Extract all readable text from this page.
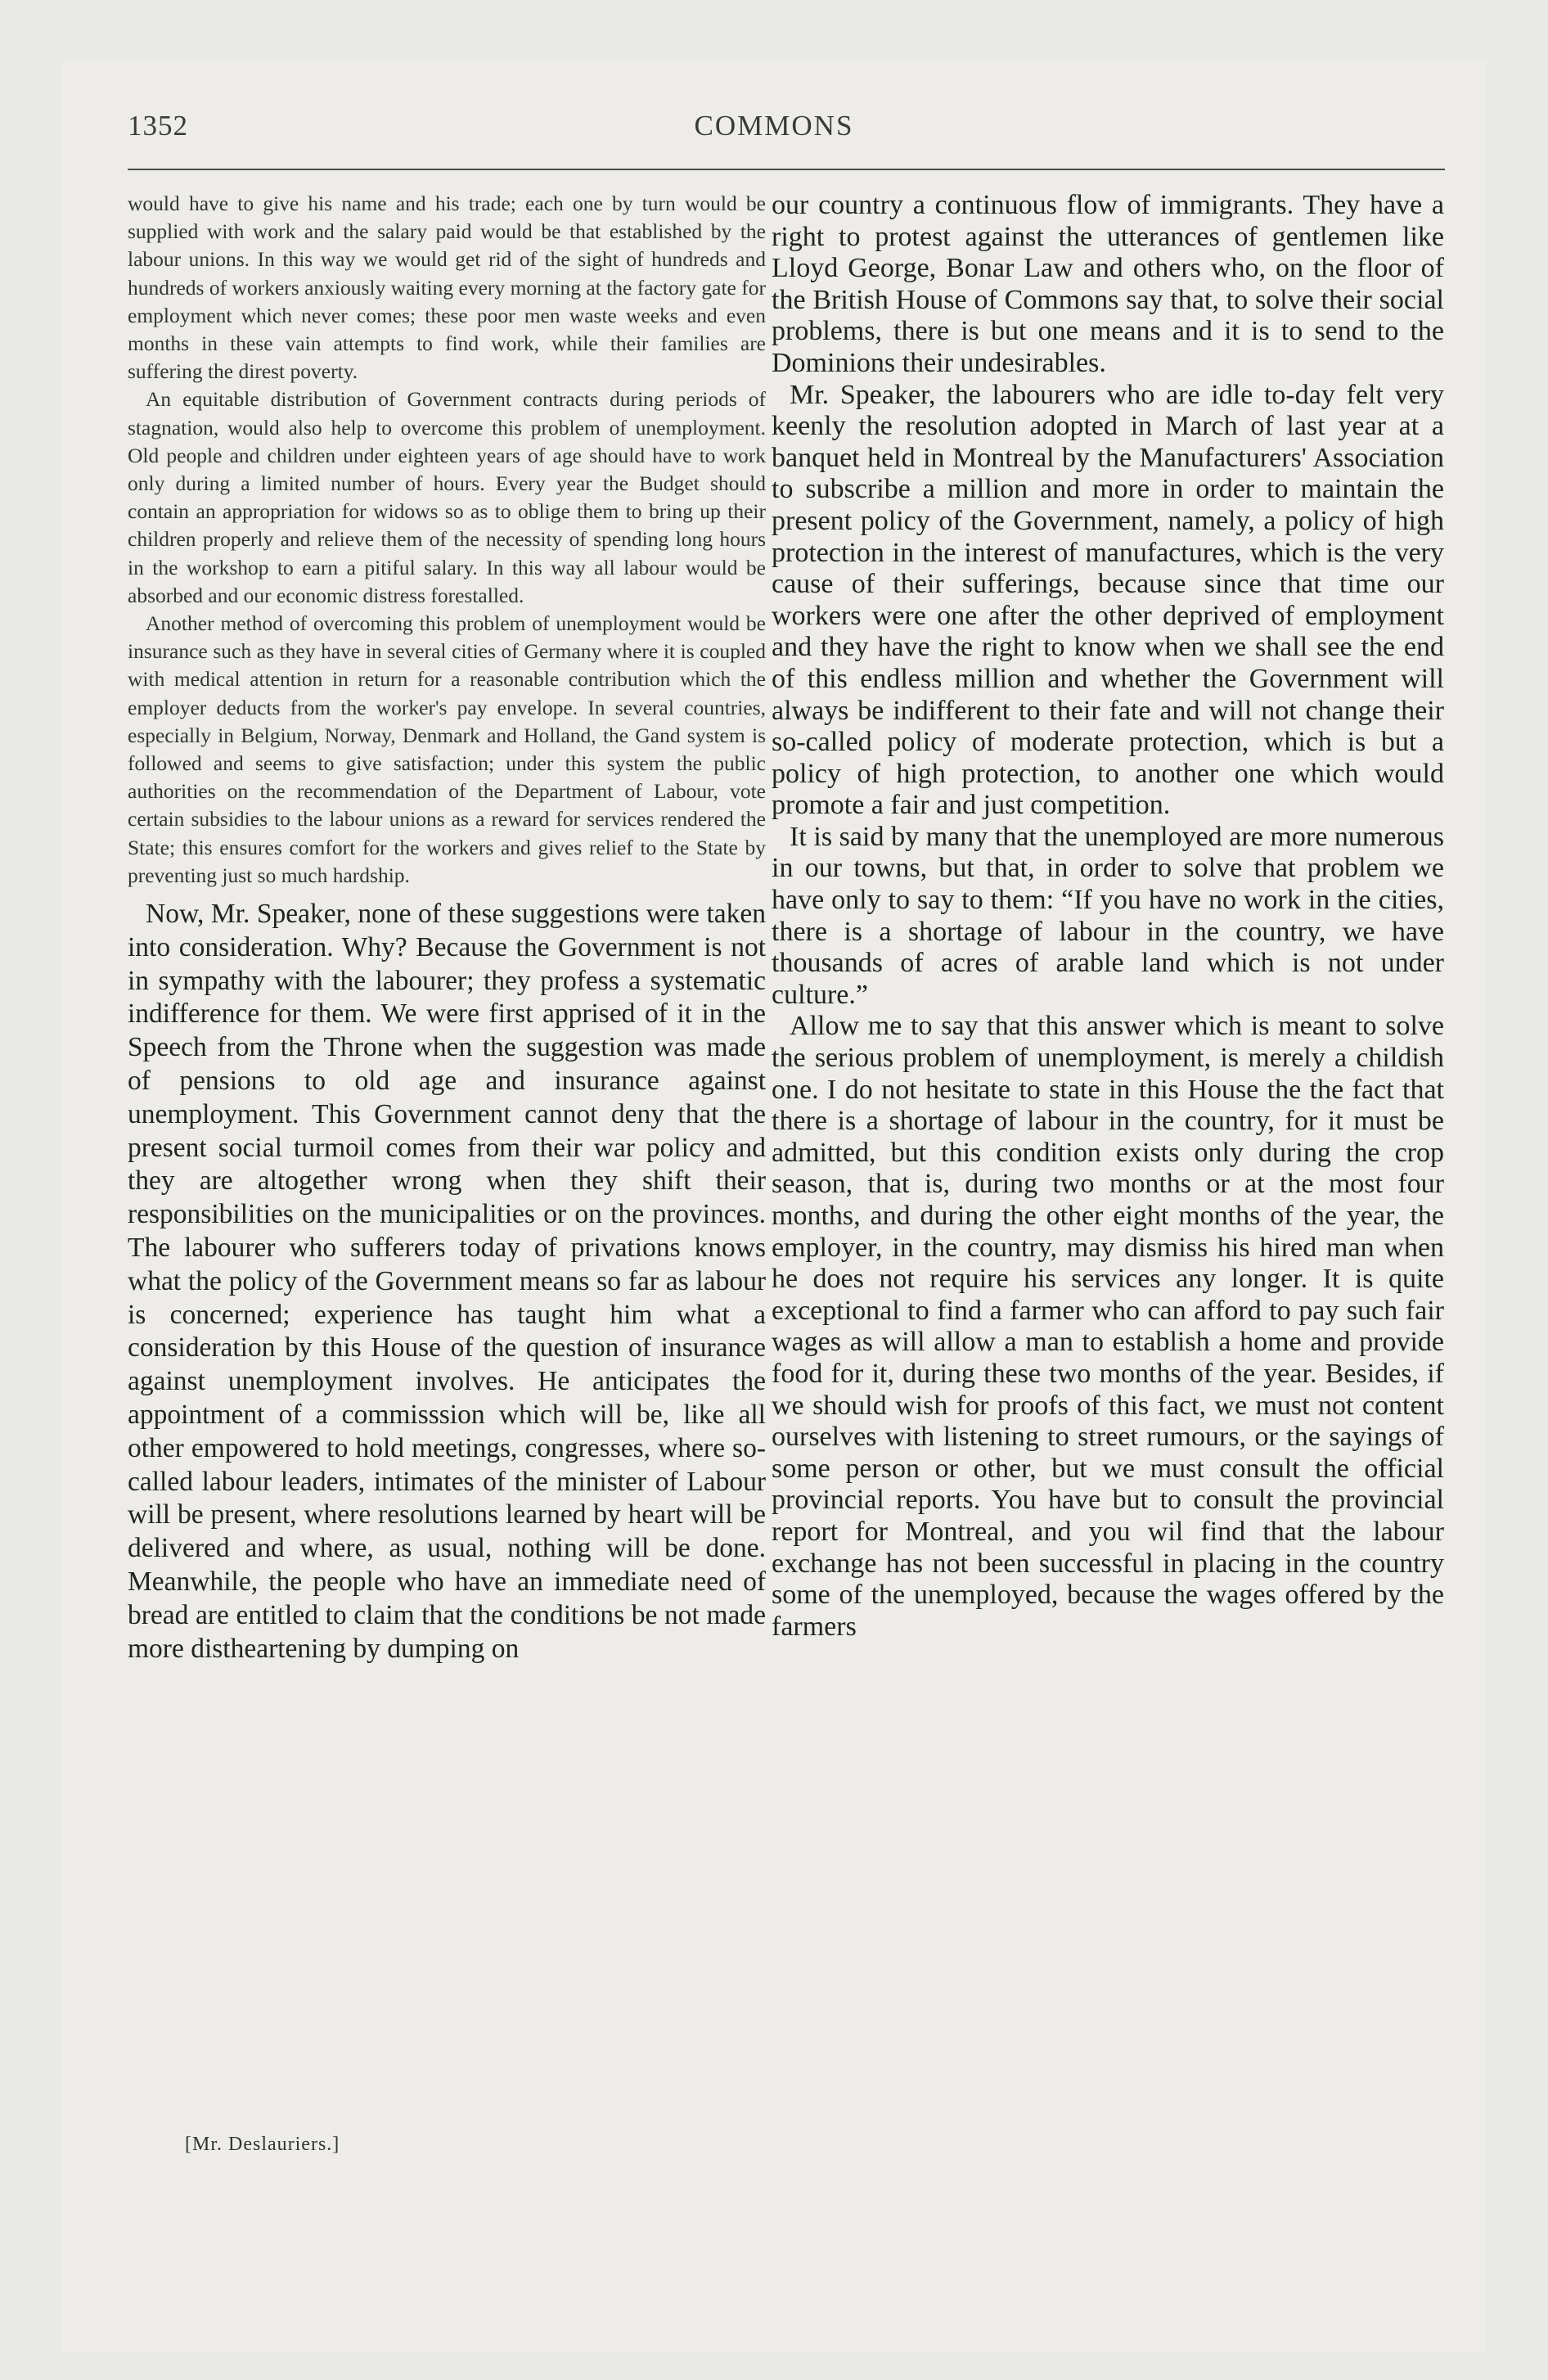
1352	COMMONS

would have to give his name and his trade; each one by turn would be supplied with work and the salary paid would be that established by the labour unions. In this way we would get rid of the sight of hundreds and hundreds of workers anxiously waiting every morning at the factory gate for employment which never comes; these poor men waste weeks and even months in these vain attempts to find work, while their families are suffering the direst poverty.

An equitable distribution of Government contracts during periods of stagnation, would also help to overcome this problem of unemployment. Old people and children under eighteen years of age should have to work only during a limited number of hours. Every year the Budget should contain an appropriation for widows so as to oblige them to bring up their children properly and relieve them of the necessity of spending long hours in the workshop to earn a pitiful salary. In this way all labour would be absorbed and our economic distress forestalled.

Another method of overcoming this problem of unemployment would be insurance such as they have in several cities of Germany where it is coupled with medical attention in return for a reasonable contribution which the employer deducts from the worker's pay envelope. In several countries, especially in Belgium, Norway, Denmark and Holland, the Gand system is followed and seems to give satisfaction; under this system the public authorities on the recommendation of the Department of Labour, vote certain subsidies to the labour unions as a reward for services rendered the State; this ensures comfort for the workers and gives relief to the State by preventing just so much hardship.

Now, Mr. Speaker, none of these suggestions were taken into consideration. Why? Because the Government is not in sympathy with the labourer; they profess a systematic indifference for them. We were first apprised of it in the Speech from the Throne when the suggestion was made of pensions to old age and insurance against unemployment. This Government cannot deny that the present social turmoil comes from their war policy and they are altogether wrong when they shift their responsibilities on the municipalities or on the provinces. The labourer who sufferers today of privations knows what the policy of the Government means so far as labour is concerned; experience has taught him what a consideration by this House of the question of insurance against unemployment involves. He anticipates the appointment of a commisssion which will be, like all other empowered to hold meetings, congresses, where so-called labour leaders, intimates of the minister of Labour will be present, where resolutions learned by heart will be delivered and where, as usual, nothing will be done. Meanwhile, the people who have an immediate need of bread are entitled to claim that the conditions be not made more distheartening by dumping on

our country a continuous flow of immigrants. They have a right to protest against the utterances of gentlemen like Lloyd George, Bonar Law and others who, on the floor of the British House of Commons say that, to solve their social problems, there is but one means and it is to send to the Dominions their undesirables.

Mr. Speaker, the labourers who are idle to-day felt very keenly the resolution adopted in March of last year at a banquet held in Montreal by the Manufacturers' Association to subscribe a million and more in order to maintain the present policy of the Government, namely, a policy of high protection in the interest of manufactures, which is the very cause of their sufferings, because since that time our workers were one after the other deprived of employment and they have the right to know when we shall see the end of this endless million and whether the Government will always be indifferent to their fate and will not change their so-called policy of moderate protection, which is but a policy of high protection, to another one which would promote a fair and just competition.

It is said by many that the unemployed are more numerous in our towns, but that, in order to solve that problem we have only to say to them: “If you have no work in the cities, there is a shortage of labour in the country, we have thousands of acres of arable land which is not under culture.”

Allow me to say that this answer which is meant to solve the serious problem of unemployment, is merely a childish one. I do not hesitate to state in this House the the fact that there is a shortage of labour in the country, for it must be admitted, but this condition exists only during the crop season, that is, during two months or at the most four months, and during the other eight months of the year, the employer, in the country, may dismiss his hired man when he does not require his services any longer. It is quite exceptional to find a farmer who can afford to pay such fair wages as will allow a man to establish a home and provide food for it, during these two months of the year. Besides, if we should wish for proofs of this fact, we must not content ourselves with listening to street rumours, or the sayings of some person or other, but we must consult the official provincial reports. You have but to consult the provincial report for Montreal, and you wil find that the labour exchange has not been successful in placing in the country some of the unemployed, because the wages offered by the farmers

[Mr. Deslauriers.]
